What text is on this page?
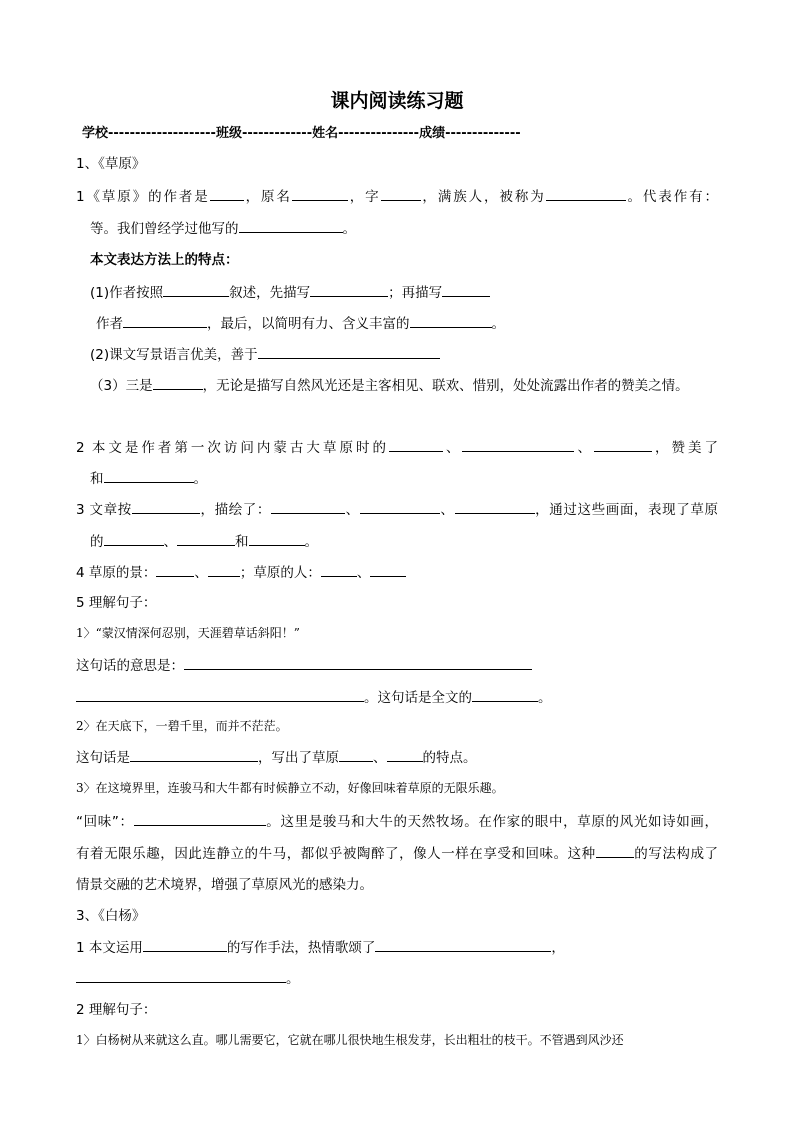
课内阅读练习题
学校--------------------班级-------------姓名---------------成绩--------------
1、《草原》
1《草原》的作者是	，原名	，字	，满族人，被称为	。代表作有：
等。我们曾经学过他写的	。
本文表达方法上的特点：
(1)作者按照	叙述，先描写	；再描写
作者	，最后，以简明有力、含义丰富的	。
(2)课文写景语言优美，善于
（3）三是	，无论是描写自然风光还是主客相见、联欢、惜别，处处流露出作者的赞美之情。
2 本文是作者第一次访问内蒙古大草原时的	、	、	，赞美了
和	。
3 文章按	，描绘了：	、	、	，通过这些画面，表现了草原
的	、	和	。
4 草原的景：	、 ；草原的人：	、
5 理解句子：
1〉“蒙汉情深何忍别，天涯碧草话斜阳！”
这句话的意思是：
。这句话是全文的	。
2〉在天底下，一碧千里，而并不茫茫。
这句话是	，写出了草原	、	的特点。
3〉在这境界里，连骏马和大牛都有时候静立不动，好像回味着草原的无限乐趣。
“回味”：	。这里是骏马和大牛的天然牧场。在作家的眼中，草原的风光如诗如画，
有着无限乐趣，因此连静立的牛马，都似乎被陶醉了，像人一样在享受和回味。这种	的写法构成了
情景交融的艺术境界，增强了草原风光的感染力。
3、《白杨》
1 本文运用	的写作手法，热情歌颂了	，
。
2 理解句子：
1〉白杨树从来就这么直。哪儿需要它，它就在哪儿很快地生根发芽，长出粗壮的枝干。不管遇到风沙还
